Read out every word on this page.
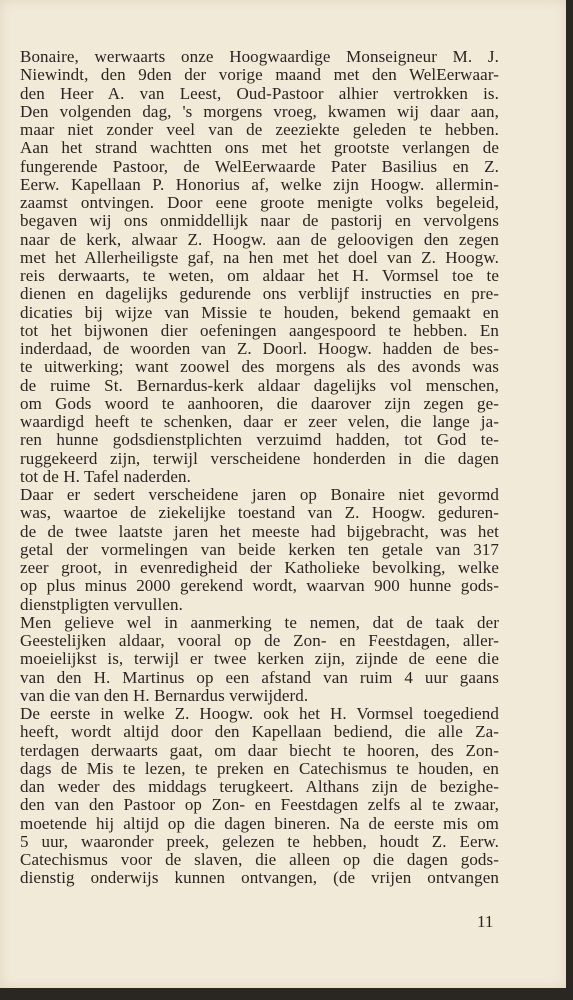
Bonaire, werwaarts onze Hoogwaardige Monseigneur M. J.
Niewindt, den 9den der vorige maand met den WelEerwaar-
den Heer A. van Leest, Oud-Pastoor alhier vertrokken is.
Den volgenden dag, 's morgens vroeg, kwamen wij daar aan,
maar niet zonder veel van de zeeziekte geleden te hebben.
Aan het strand wachtten ons met het grootste verlangen de
fungerende Pastoor, de WelEerwaarde Pater Basilius en Z.
Eerw. Kapellaan P. Honorius af, welke zijn Hoogw. allermin-
zaamst ontvingen. Door eene groote menigte volks begeleid,
begaven wij ons onmiddellijk naar de pastorij en vervolgens
naar de kerk, alwaar Z. Hoogw. aan de geloovigen den zegen
met het Allerheiligste gaf, na hen met het doel van Z. Hoogw.
reis derwaarts, te weten, om aldaar het H. Vormsel toe te
dienen en dagelijks gedurende ons verblijf instructies en pre-
dicaties bij wijze van Missie te houden, bekend gemaakt en
tot het bijwonen dier oefeningen aangespoord te hebben. En
inderdaad, de woorden van Z. Doorl. Hoogw. hadden de bes-
te uitwerking; want zoowel des morgens als des avonds was
de ruime St. Bernardus-kerk aldaar dagelijks vol menschen,
om Gods woord te aanhooren, die daarover zijn zegen ge-
waardigd heeft te schenken, daar er zeer velen, die lange ja-
ren hunne godsdienstplichten verzuimd hadden, tot God te-
ruggekeerd zijn, terwijl verscheidene honderden in die dagen
tot de H. Tafel naderden.
Daar er sedert verscheidene jaren op Bonaire niet gevormd
was, waartoe de ziekelijke toestand van Z. Hoogw. geduren-
de de twee laatste jaren het meeste had bijgebracht, was het
getal der vormelingen van beide kerken ten getale van 317
zeer groot, in evenredigheid der Katholieke bevolking, welke
op plus minus 2000 gerekend wordt, waarvan 900 hunne gods-
dienstpligten vervullen.
Men gelieve wel in aanmerking te nemen, dat de taak der
Geestelijken aldaar, vooral op de Zon- en Feestdagen, aller-
moeielijkst is, terwijl er twee kerken zijn, zijnde de eene die
van den H. Martinus op een afstand van ruim 4 uur gaans
van die van den H. Bernardus verwijderd.
De eerste in welke Z. Hoogw. ook het H. Vormsel toegediend
heeft, wordt altijd door den Kapellaan bediend, die alle Za-
terdagen derwaarts gaat, om daar biecht te hooren, des Zon-
dags de Mis te lezen, te preken en Catechismus te houden, en
dan weder des middags terugkeert. Althans zijn de bezighe-
den van den Pastoor op Zon- en Feestdagen zelfs al te zwaar,
moetende hij altijd op die dagen bineren. Na de eerste mis om
5 uur, waaronder preek, gelezen te hebben, houdt Z. Eerw.
Catechismus voor de slaven, die alleen op die dagen gods-
dienstig onderwijs kunnen ontvangen, (de vrijen ontvangen
11
